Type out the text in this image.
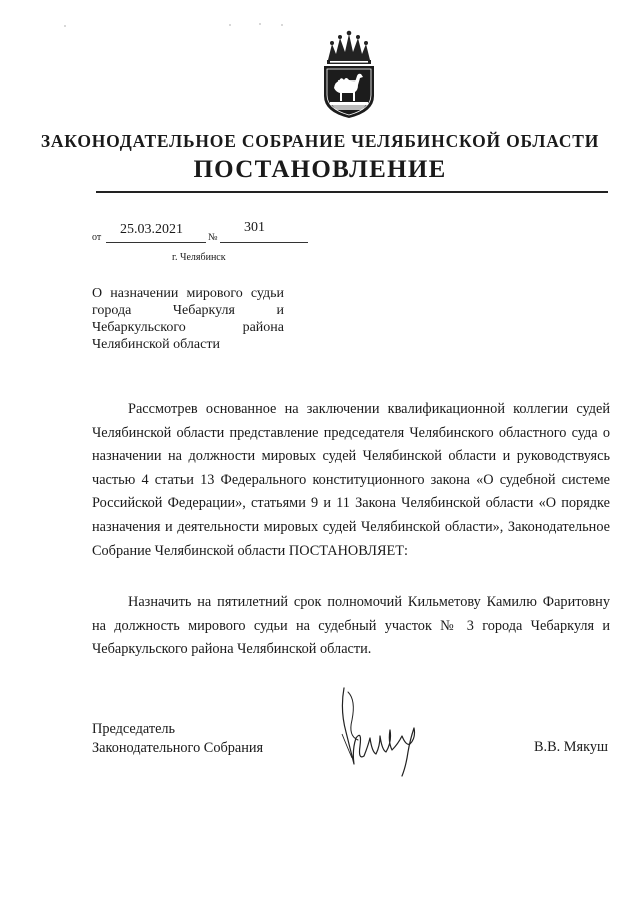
ЗАКОНОДАТЕЛЬНОЕ СОБРАНИЕ ЧЕЛЯБИНСКОЙ ОБЛАСТИ
ПОСТАНОВЛЕНИЕ
от
25.03.2021
№
301
г. Челябинск
О назначении мирового судьи города Чебаркуля и Чебаркульского района Челябинской области
Рассмотрев основанное на заключении квалификационной коллегии судей Челябинской области представление председателя Челябинского областного суда о назначении на должности мировых судей Челябинской области и руководствуясь частью 4 статьи 13 Федерального конституционного закона «О судебной системе Российской Федерации», статьями 9 и 11 Закона Челябинской области «О порядке назначения и деятельности мировых судей Челябинской области», Законодательное Собрание Челябинской области ПОСТАНОВЛЯЕТ:
Назначить на пятилетний срок полномочий Кильметову Камилю Фаритовну на должность мирового судьи на судебный участок № 3 города Чебаркуля и Чебаркульского района Челябинской области.
Председатель
Законодательного Собрания	В.В. Мякуш
